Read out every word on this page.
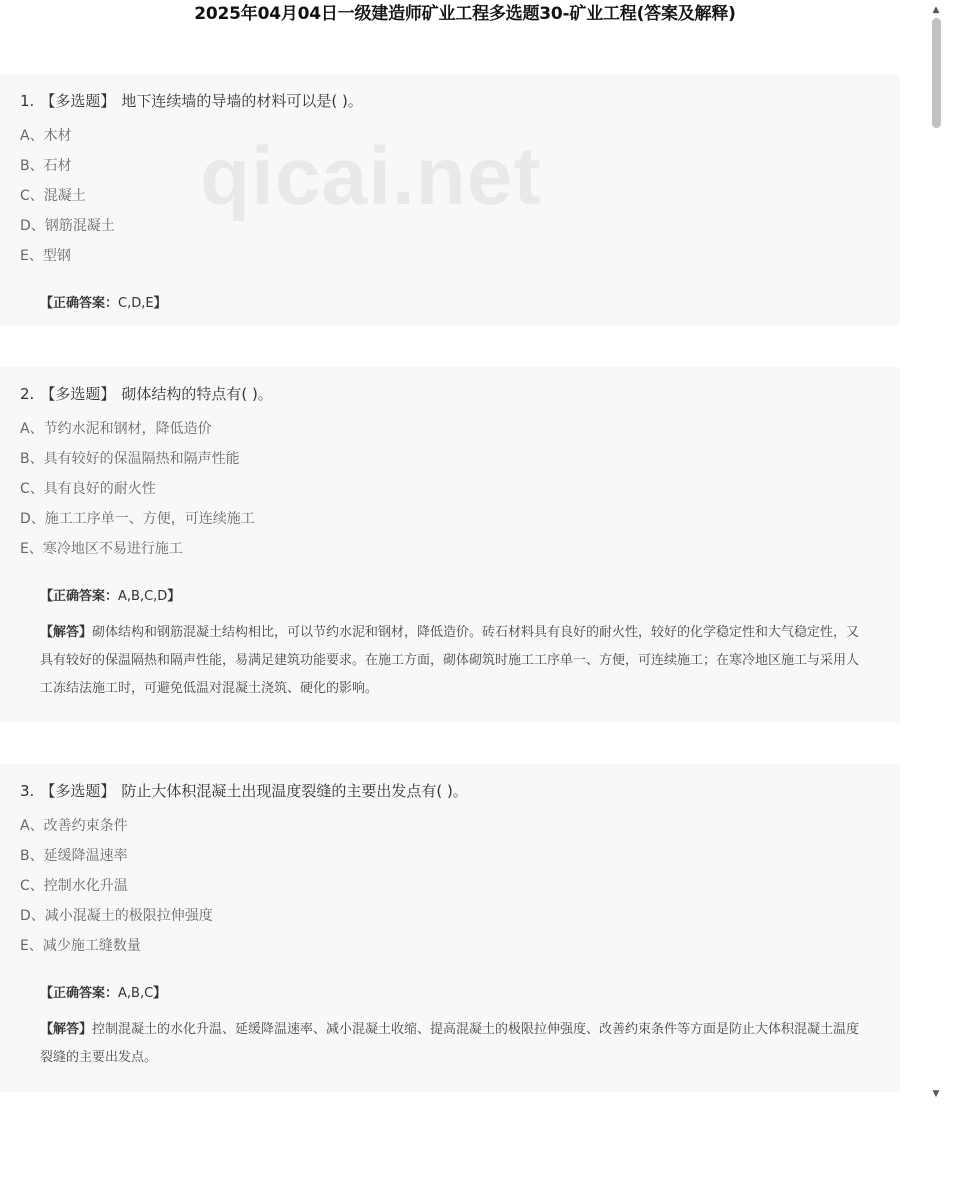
2025年04月04日一级建造师矿业工程多选题30-矿业工程(答案及解释)
qicai.net
1. 【多选题】 地下连续墙的导墙的材料可以是( )。
A、木材
B、石材
C、混凝土
D、钢筋混凝土
E、型钢
【正确答案：C,D,E】
2. 【多选题】 砌体结构的特点有( )。
A、节约水泥和钢材，降低造价
B、具有较好的保温隔热和隔声性能
C、具有良好的耐火性
D、施工工序单一、方便，可连续施工
E、寒冷地区不易进行施工
【正确答案：A,B,C,D】
【解答】砌体结构和钢筋混凝土结构相比，可以节约水泥和钢材，降低造价。砖石材料具有良好的耐火性，较好的化学稳定性和大气稳定性，又具有较好的保温隔热和隔声性能，易满足建筑功能要求。在施工方面，砌体砌筑时施工工序单一、方便，可连续施工；在寒冷地区施工与采用人工冻结法施工时，可避免低温对混凝土浇筑、硬化的影响。
3. 【多选题】 防止大体积混凝土出现温度裂缝的主要出发点有( )。
A、改善约束条件
B、延缓降温速率
C、控制水化升温
D、减小混凝土的极限拉伸强度
E、减少施工缝数量
【正确答案：A,B,C】
【解答】控制混凝土的水化升温、延缓降温速率、减小混凝土收缩、提高混凝土的极限拉伸强度、改善约束条件等方面是防止大体积混凝土温度裂缝的主要出发点。
▲
▼
